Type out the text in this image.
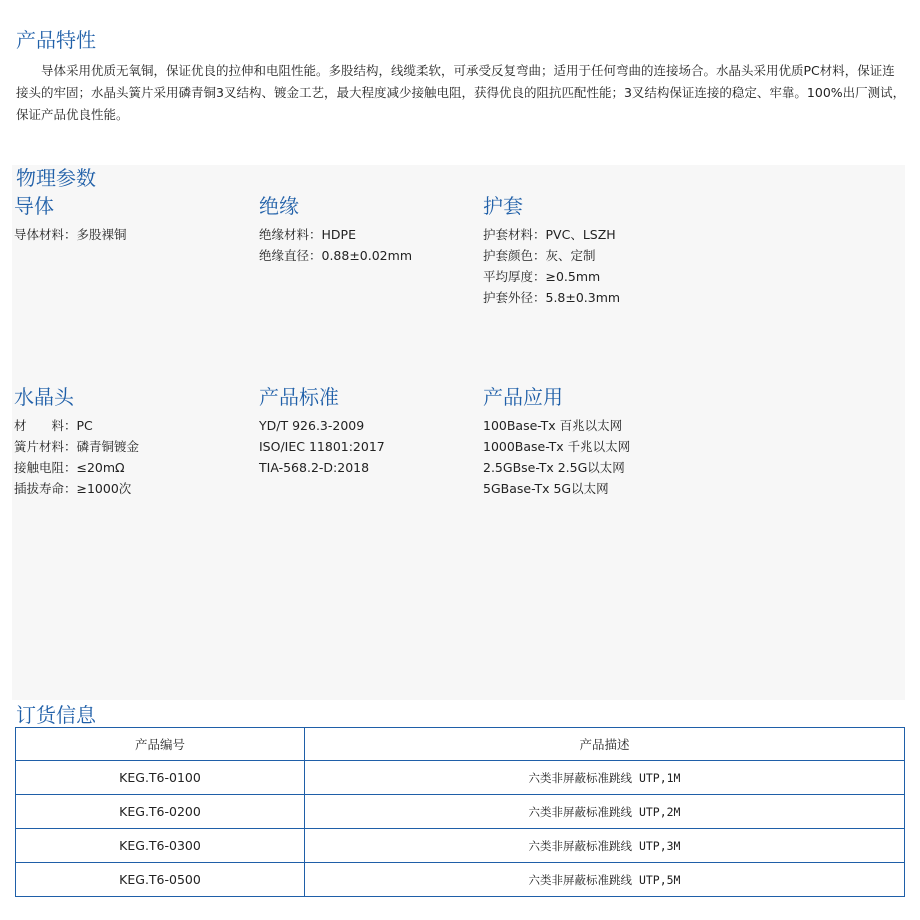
产品特性

导体采用优质无氧铜，保证优良的拉伸和电阻性能。多股结构，线缆柔软，可承受反复弯曲；适用于任何弯曲的连接场合。水晶头采用优质PC材料，保证连接头的牢固；水晶头簧片采用磷青铜3叉结构、镀金工艺，最大程度减少接触电阻，获得优良的阻抗匹配性能；3叉结构保证连接的稳定、牢靠。100%出厂测试，保证产品优良性能。

物理参数
导体
导体材料：多股裸铜
绝缘
绝缘材料：HDPE
绝缘直径：0.88±0.02mm
护套
护套材料：PVC、LSZH
护套颜色：灰、定制
平均厚度：≥0.5mm
护套外径：5.8±0.3mm
水晶头
材　　料：PC
簧片材料：磷青铜镀金
接触电阻：≤20mΩ
插拔寿命：≥1000次
产品标准
YD/T 926.3-2009
ISO/IEC 11801:2017
TIA-568.2-D:2018
产品应用
100Base-Tx 百兆以太网
1000Base-Tx 千兆以太网
2.5GBse-Tx 2.5G以太网
5GBase-Tx 5G以太网
订货信息
产品编号	产品描述
KEG.T6-0100	六类非屏蔽标准跳线 UTP,1M
KEG.T6-0200	六类非屏蔽标准跳线 UTP,2M
KEG.T6-0300	六类非屏蔽标准跳线 UTP,3M
KEG.T6-0500	六类非屏蔽标准跳线 UTP,5M
